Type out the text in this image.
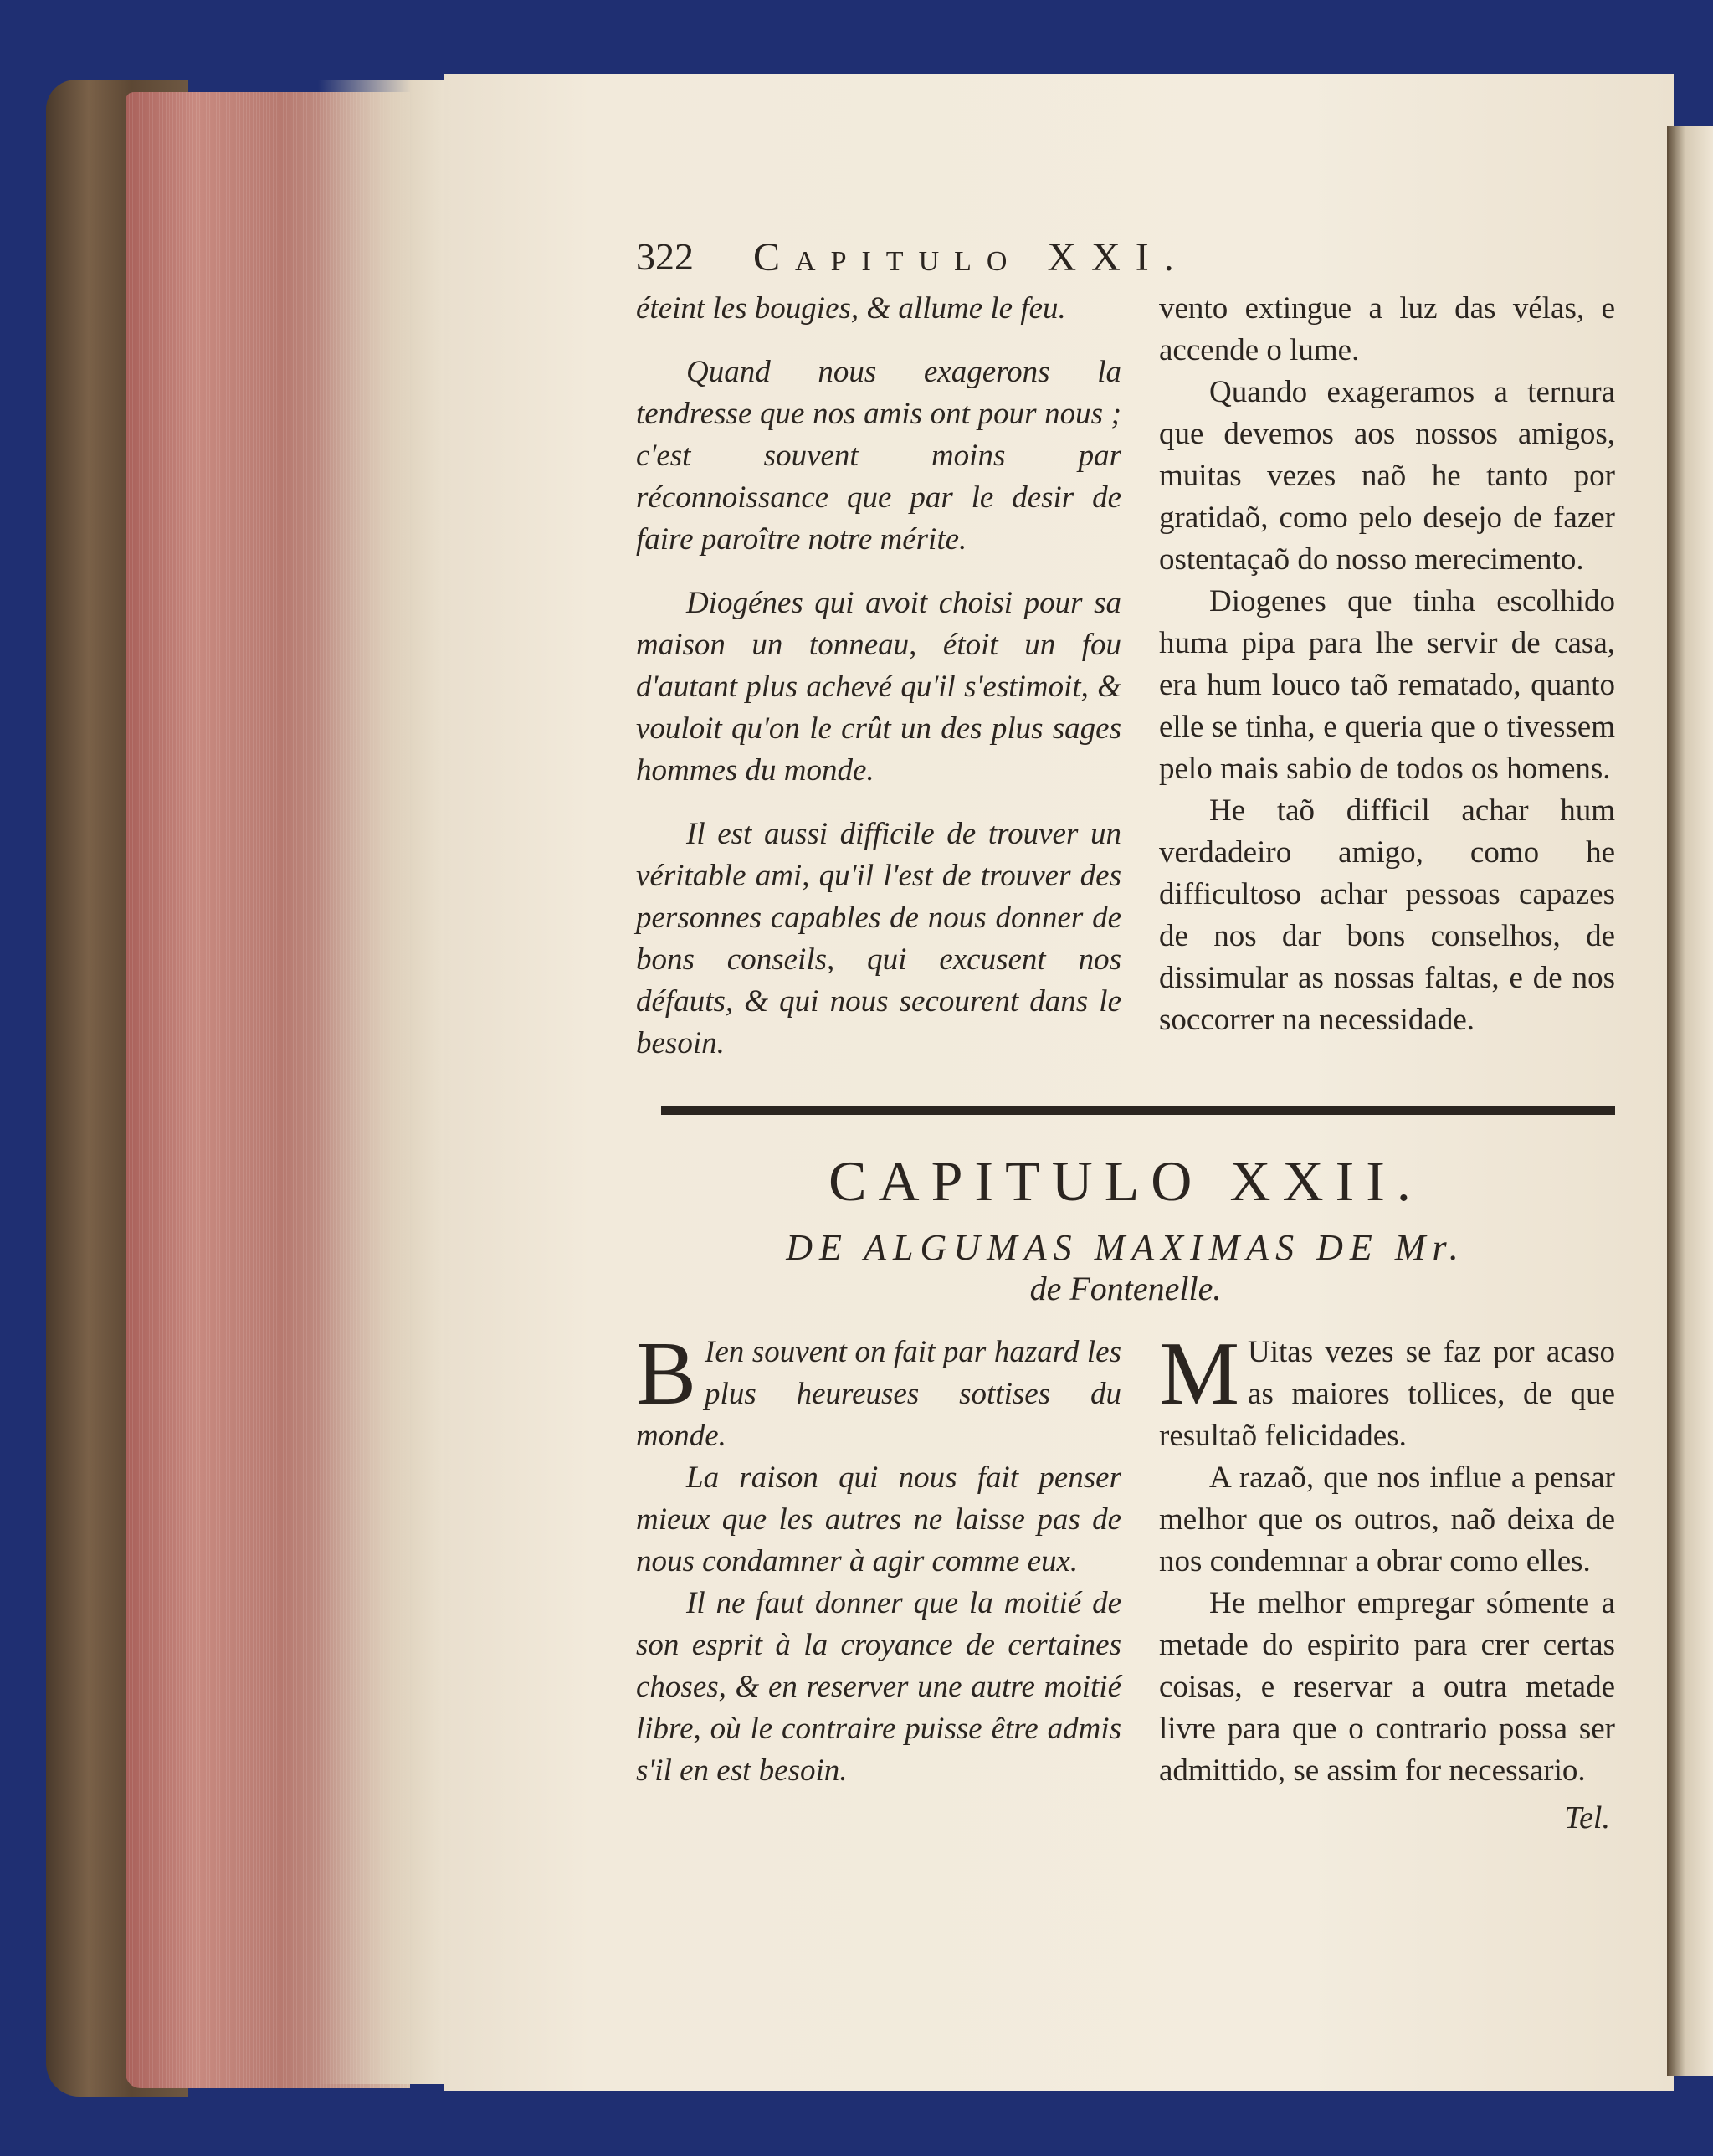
322 Capitulo XXI.

éteint les bougies, & allume le feu.

Quand nous exagerons la tendresse que nos amis ont pour nous ; c'est souvent moins par réconnoissance que par le desir de faire paroître notre mérite.

Diogénes qui avoit choisi pour sa maison un tonneau, étoit un fou d'autant plus achevé qu'il s'estimoit, & vouloit qu'on le crût un des plus sages hommes du monde.

Il est aussi difficile de trouver un véritable ami, qu'il l'est de trouver des personnes capables de nous donner de bons conseils, qui excusent nos défauts, & qui nous secourent dans le besoin.

vento extingue a luz das vélas, e accende o lume.

Quando exageramos a ternura que devemos aos nossos amigos, muitas vezes naõ he tanto por gratidaõ, como pelo desejo de fazer ostentaçaõ do nosso merecimento.

Diogenes que tinha escolhido huma pipa para lhe servir de casa, era hum louco taõ rematado, quanto elle se tinha, e queria que o tivessem pelo mais sabio de todos os homens.

He taõ difficil achar hum verdadeiro amigo, como he difficultoso achar pessoas capazes de nos dar bons conselhos, de dissimular as nossas faltas, e de nos soccorrer na necessidade.

CAPITULO XXII.
DE ALGUMAS MAXIMAS DE Mr.
de Fontenelle.

B Ien souvent on fait par hazard les plus heureuses sottises du monde.

La raison qui nous fait penser mieux que les autres ne laisse pas de nous condamner à agir comme eux.

Il ne faut donner que la moitié de son esprit à la croyance de certaines choses, & en reserver une autre moitié libre, où le contraire puisse être admis s'il en est besoin.

M Uitas vezes se faz por acaso as maiores tollices, de que resultaõ felicidades.

A razaõ, que nos influe a pensar melhor que os outros, naõ deixa de nos condemnar a obrar como elles.

He melhor empregar sómente a metade do espirito para crer certas coisas, e reservar a outra metade livre para que o contrario possa ser admittido, se assim for necessario.

Tel.
